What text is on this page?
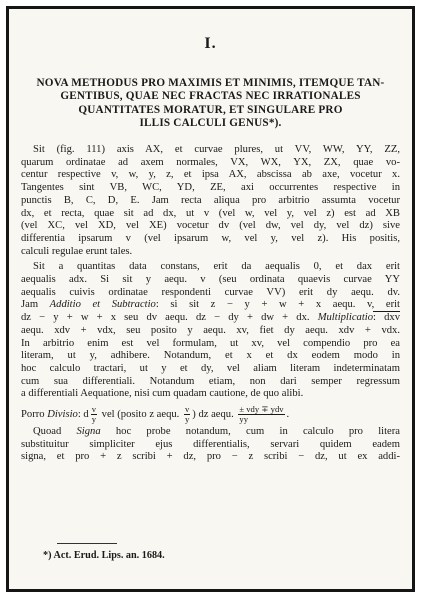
I.
NOVA METHODUS PRO MAXIMIS ET MINIMIS, ITEMQUE TAN-
GENTIBUS, QUAE NEC FRACTAS NEC IRRATIONALES
QUANTITATES MORATUR, ET SINGULARE PRO
ILLIS CALCULI GENUS*).
Sit (fig. 111) axis AX, et curvae plures, ut VV, WW, YY, ZZ,
quarum ordinatae ad axem normales, VX, WX, YX, ZX, quae vo-
centur respective v, w, y, z, et ipsa AX, abscissa ab axe, vocetur x.
Tangentes sint VB, WC, YD, ZE, axi occurrentes respective in
punctis B, C, D, E. Jam recta aliqua pro arbitrio assumta vocetur
dx, et recta, quae sit ad dx, ut v (vel w, vel y, vel z) est ad XB
(vel XC, vel XD, vel XE) vocetur dv (vel dw, vel dy, vel dz) sive
differentia ipsarum v (vel ipsarum w, vel y, vel z). His positis,
calculi regulae erunt tales.
Sit a quantitas data constans, erit da aequalis 0, et dax erit
aequalis adx. Si sit y aequ. v (seu ordinata quaevis curvae YY
aequalis cuivis ordinatae respondenti curvae VV) erit dy aequ. dv.
Jam Additio et Subtractio: si sit z − y + w + x aequ. v, erit
dz − y + w + x seu dv aequ. dz − dy + dw + dx. Multiplicatio: dxv
aequ. xdv + vdx, seu posito y aequ. xv, fiet dy aequ. xdv + vdx.
In arbitrio enim est vel formulam, ut xv, vel compendio pro ea
literam, ut y, adhibere. Notandum, et x et dx eodem modo in
hoc calculo tractari, ut y et dy, vel aliam literam indeterminatam
cum sua differentiali. Notandum etiam, non dari semper regressum
a differentiali Aequatione, nisi cum quadam cautione, de quo alibi.
Porro Divisio: d $\frac{v}{y}$ vel (posito z aequ. $\frac{v}{y}$ ) dz aequ. $\frac{\text{± vdy ∓ ydv}}{yy}$ .
Quoad Signa hoc probe notandum, cum in calculo pro litera
substituitur simpliciter ejus differentialis, servari quidem eadem
signa, et pro + z scribi + dz, pro − z scribi − dz, ut ex addi-
*) Act. Erud. Lips. an. 1684.
